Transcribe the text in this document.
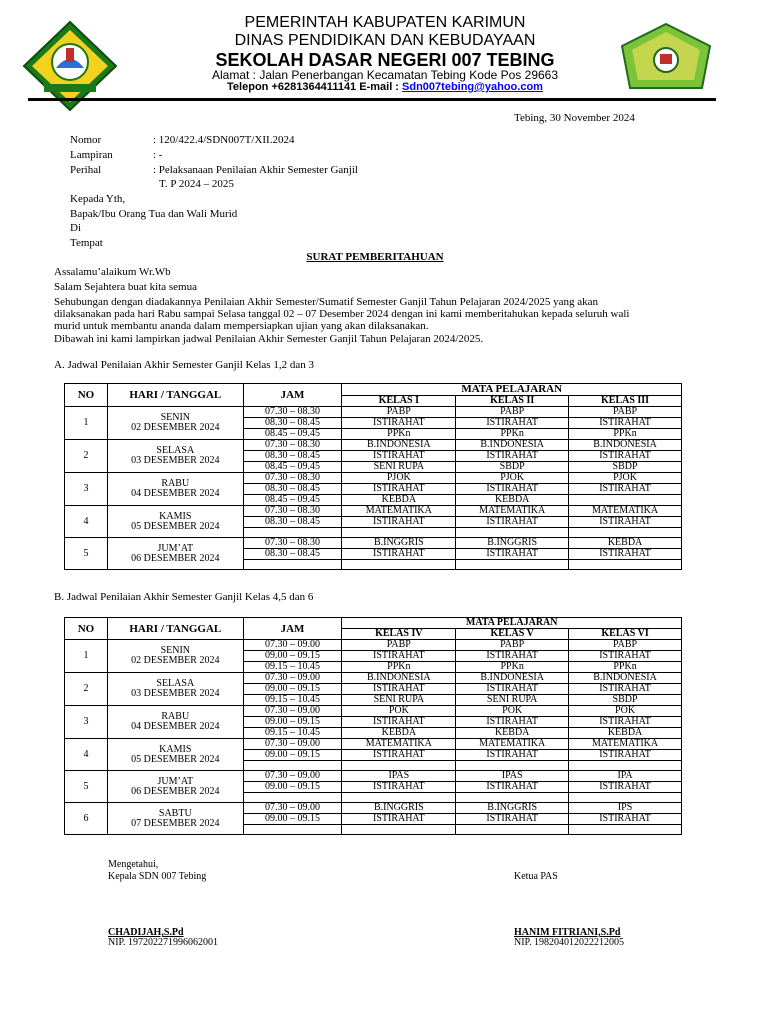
PEMERINTAH KABUPATEN KARIMUN
DINAS PENDIDIKAN DAN KEBUDAYAAN
SEKOLAH DASAR NEGERI 007 TEBING
Alamat : Jalan Penerbangan Kecamatan Tebing Kode Pos 29663
Telepon +6281364411141 E-mail : Sdn007tebing@yahoo.com
Tebing, 30 November 2024
Nomor	: 120/422.4/SDN007T/XII.2024
Lampiran	: -
Perihal	: Pelaksanaan Penilaian Akhir Semester Ganjil
T. P 2024 – 2025
Kepada Yth,
Bapak/Ibu Orang Tua dan Wali Murid
Di
Tempat
SURAT PEMBERITAHUAN
Assalamu’alaikum Wr.Wb
Salam Sejahtera buat kita semua
Sehubungan dengan diadakannya Penilaian Akhir Semester/Sumatif Semester Ganjil Tahun Pelajaran 2024/2025 yang akan
dilaksanakan pada hari Rabu sampai Selasa tanggal 02 – 07 Desember 2024 dengan ini kami memberitahukan kepada seluruh wali
murid untuk membantu ananda dalam mempersiapkan ujian yang akan dilaksanakan.
Dibawah ini kami lampirkan jadwal Penilaian Akhir Semester Ganjil Tahun Pelajaran 2024/2025.
A. Jadwal Penilaian Akhir Semester Ganjil Kelas 1,2 dan 3
NO	HARI / TANGGAL	JAM	MATA PELAJARAN		
			KELAS I	KELAS II	KELAS III
1	SENIN
02 DESEMBER 2024	07.30 – 08.30	PABP	PABP	PABP
		08.30 – 08.45	ISTIRAHAT	ISTIRAHAT	ISTIRAHAT
		08.45 – 09.45	PPKn	PPKn	PPKn
2	SELASA
03 DESEMBER 2024	07.30 – 08.30	B.INDONESIA	B.INDONESIA	B.INDONESIA
		08.30 – 08.45	ISTIRAHAT	ISTIRAHAT	ISTIRAHAT
		08.45 – 09.45	SENI RUPA	SBDP	SBDP
3	RABU
04 DESEMBER 2024	07.30 – 08.30	PJOK	PJOK	PJOK
		08.30 – 08.45	ISTIRAHAT	ISTIRAHAT	ISTIRAHAT
		08.45 – 09.45	KEBDA	KEBDA	
4	KAMIS
05 DESEMBER 2024	07.30 – 08.30	MATEMATIKA	MATEMATIKA	MATEMATIKA
		08.30 – 08.45	ISTIRAHAT	ISTIRAHAT	ISTIRAHAT

5	JUM’AT
06 DESEMBER 2024	07.30 – 08.30	B.INGGRIS	B.INGGRIS	KEBDA
		08.30 – 08.45	ISTIRAHAT	ISTIRAHAT	ISTIRAHAT

B. Jadwal Penilaian Akhir Semester Ganjil Kelas 4,5 dan 6
NO	HARI / TANGGAL	JAM	MATA PELAJARAN		
			KELAS IV	KELAS V	KELAS VI
1	SENIN
02 DESEMBER 2024	07.30 – 09.00	PABP	PABP	PABP
		09.00 – 09.15	ISTIRAHAT	ISTIRAHAT	ISTIRAHAT
		09.15 – 10.45	PPKn	PPKn	PPKn
2	SELASA
03 DESEMBER 2024	07.30 – 09.00	B.INDONESIA	B.INDONESIA	B.INDONESIA
		09.00 – 09.15	ISTIRAHAT	ISTIRAHAT	ISTIRAHAT
		09.15 – 10.45	SENI RUPA	SENI RUPA	SBDP
3	RABU
04 DESEMBER 2024	07.30 – 09.00	POK	POK	POK
		09.00 – 09.15	ISTIRAHAT	ISTIRAHAT	ISTIRAHAT
		09.15 – 10.45	KEBDA	KEBDA	KEBDA
4	KAMIS
05 DESEMBER 2024	07.30 – 09.00	MATEMATIKA	MATEMATIKA	MATEMATIKA
		09.00 – 09.15	ISTIRAHAT	ISTIRAHAT	ISTIRAHAT

5	JUM’AT
06 DESEMBER 2024	07.30 – 09.00	IPAS	IPAS	IPA
		09.00 – 09.15	ISTIRAHAT	ISTIRAHAT	ISTIRAHAT

6	SABTU
07 DESEMBER 2024	07.30 – 09.00	B.INGGRIS	B.INGGRIS	IPS
		09.00 – 09.15	ISTIRAHAT	ISTIRAHAT	ISTIRAHAT

Mengetahui,
Kepala SDN 007 Tebing	Ketua PAS
CHADIJAH,S.Pd
NIP. 197202271996062001
HANIM FITRIANI,S.Pd
NIP. 198204012022212005
